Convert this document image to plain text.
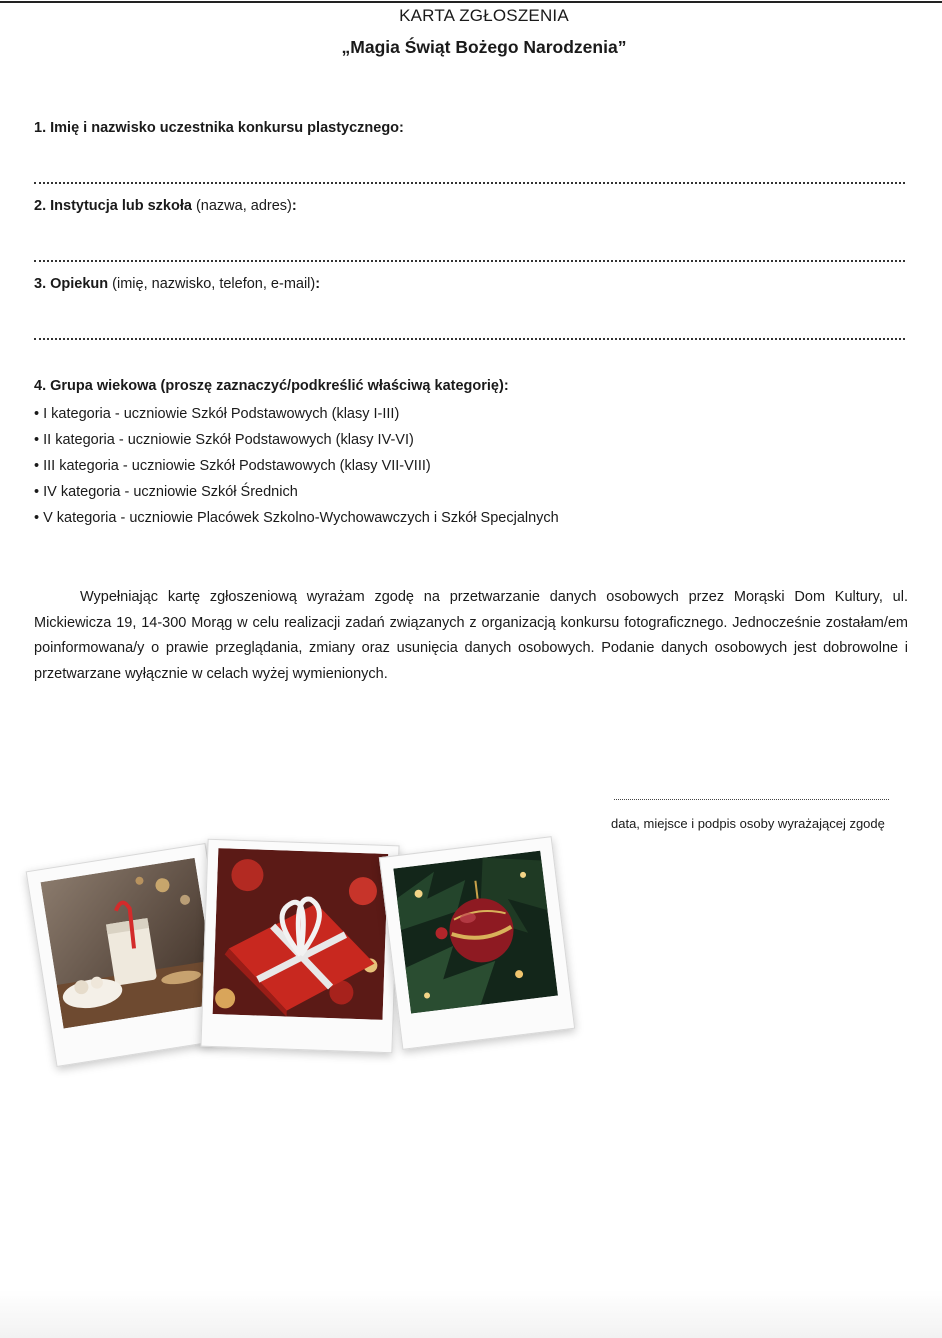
KARTA ZGŁOSZENIA
„Magia Świąt Bożego Narodzenia”
1. Imię i nazwisko uczestnika konkursu plastycznego:
2. Instytucja lub szkoła (nazwa, adres):
3. Opiekun (imię, nazwisko, telefon, e-mail):
4. Grupa wiekowa (proszę zaznaczyć/podkreślić właściwą kategorię):
• I kategoria - uczniowie Szkół Podstawowych (klasy I-III)
• II kategoria - uczniowie Szkół Podstawowych (klasy IV-VI)
• III kategoria - uczniowie Szkół Podstawowych (klasy VII-VIII)
• IV kategoria - uczniowie Szkół Średnich
• V kategoria - uczniowie Placówek Szkolno-Wychowawczych i Szkół Specjalnych

Wypełniając kartę zgłoszeniową wyrażam zgodę na przetwarzanie danych osobowych przez Morąski Dom Kultury, ul. Mickiewicza 19, 14-300 Morąg w celu realizacji zadań związanych z organizacją konkursu fotograficznego. Jednocześnie zostałam/em poinformowana/y o prawie przeglądania, zmiany oraz usunięcia danych osobowych. Podanie danych osobowych jest dobrowolne i przetwarzane wyłącznie w celach wyżej wymienionych.

data, miejsce i podpis osoby wyrażającej zgodę
